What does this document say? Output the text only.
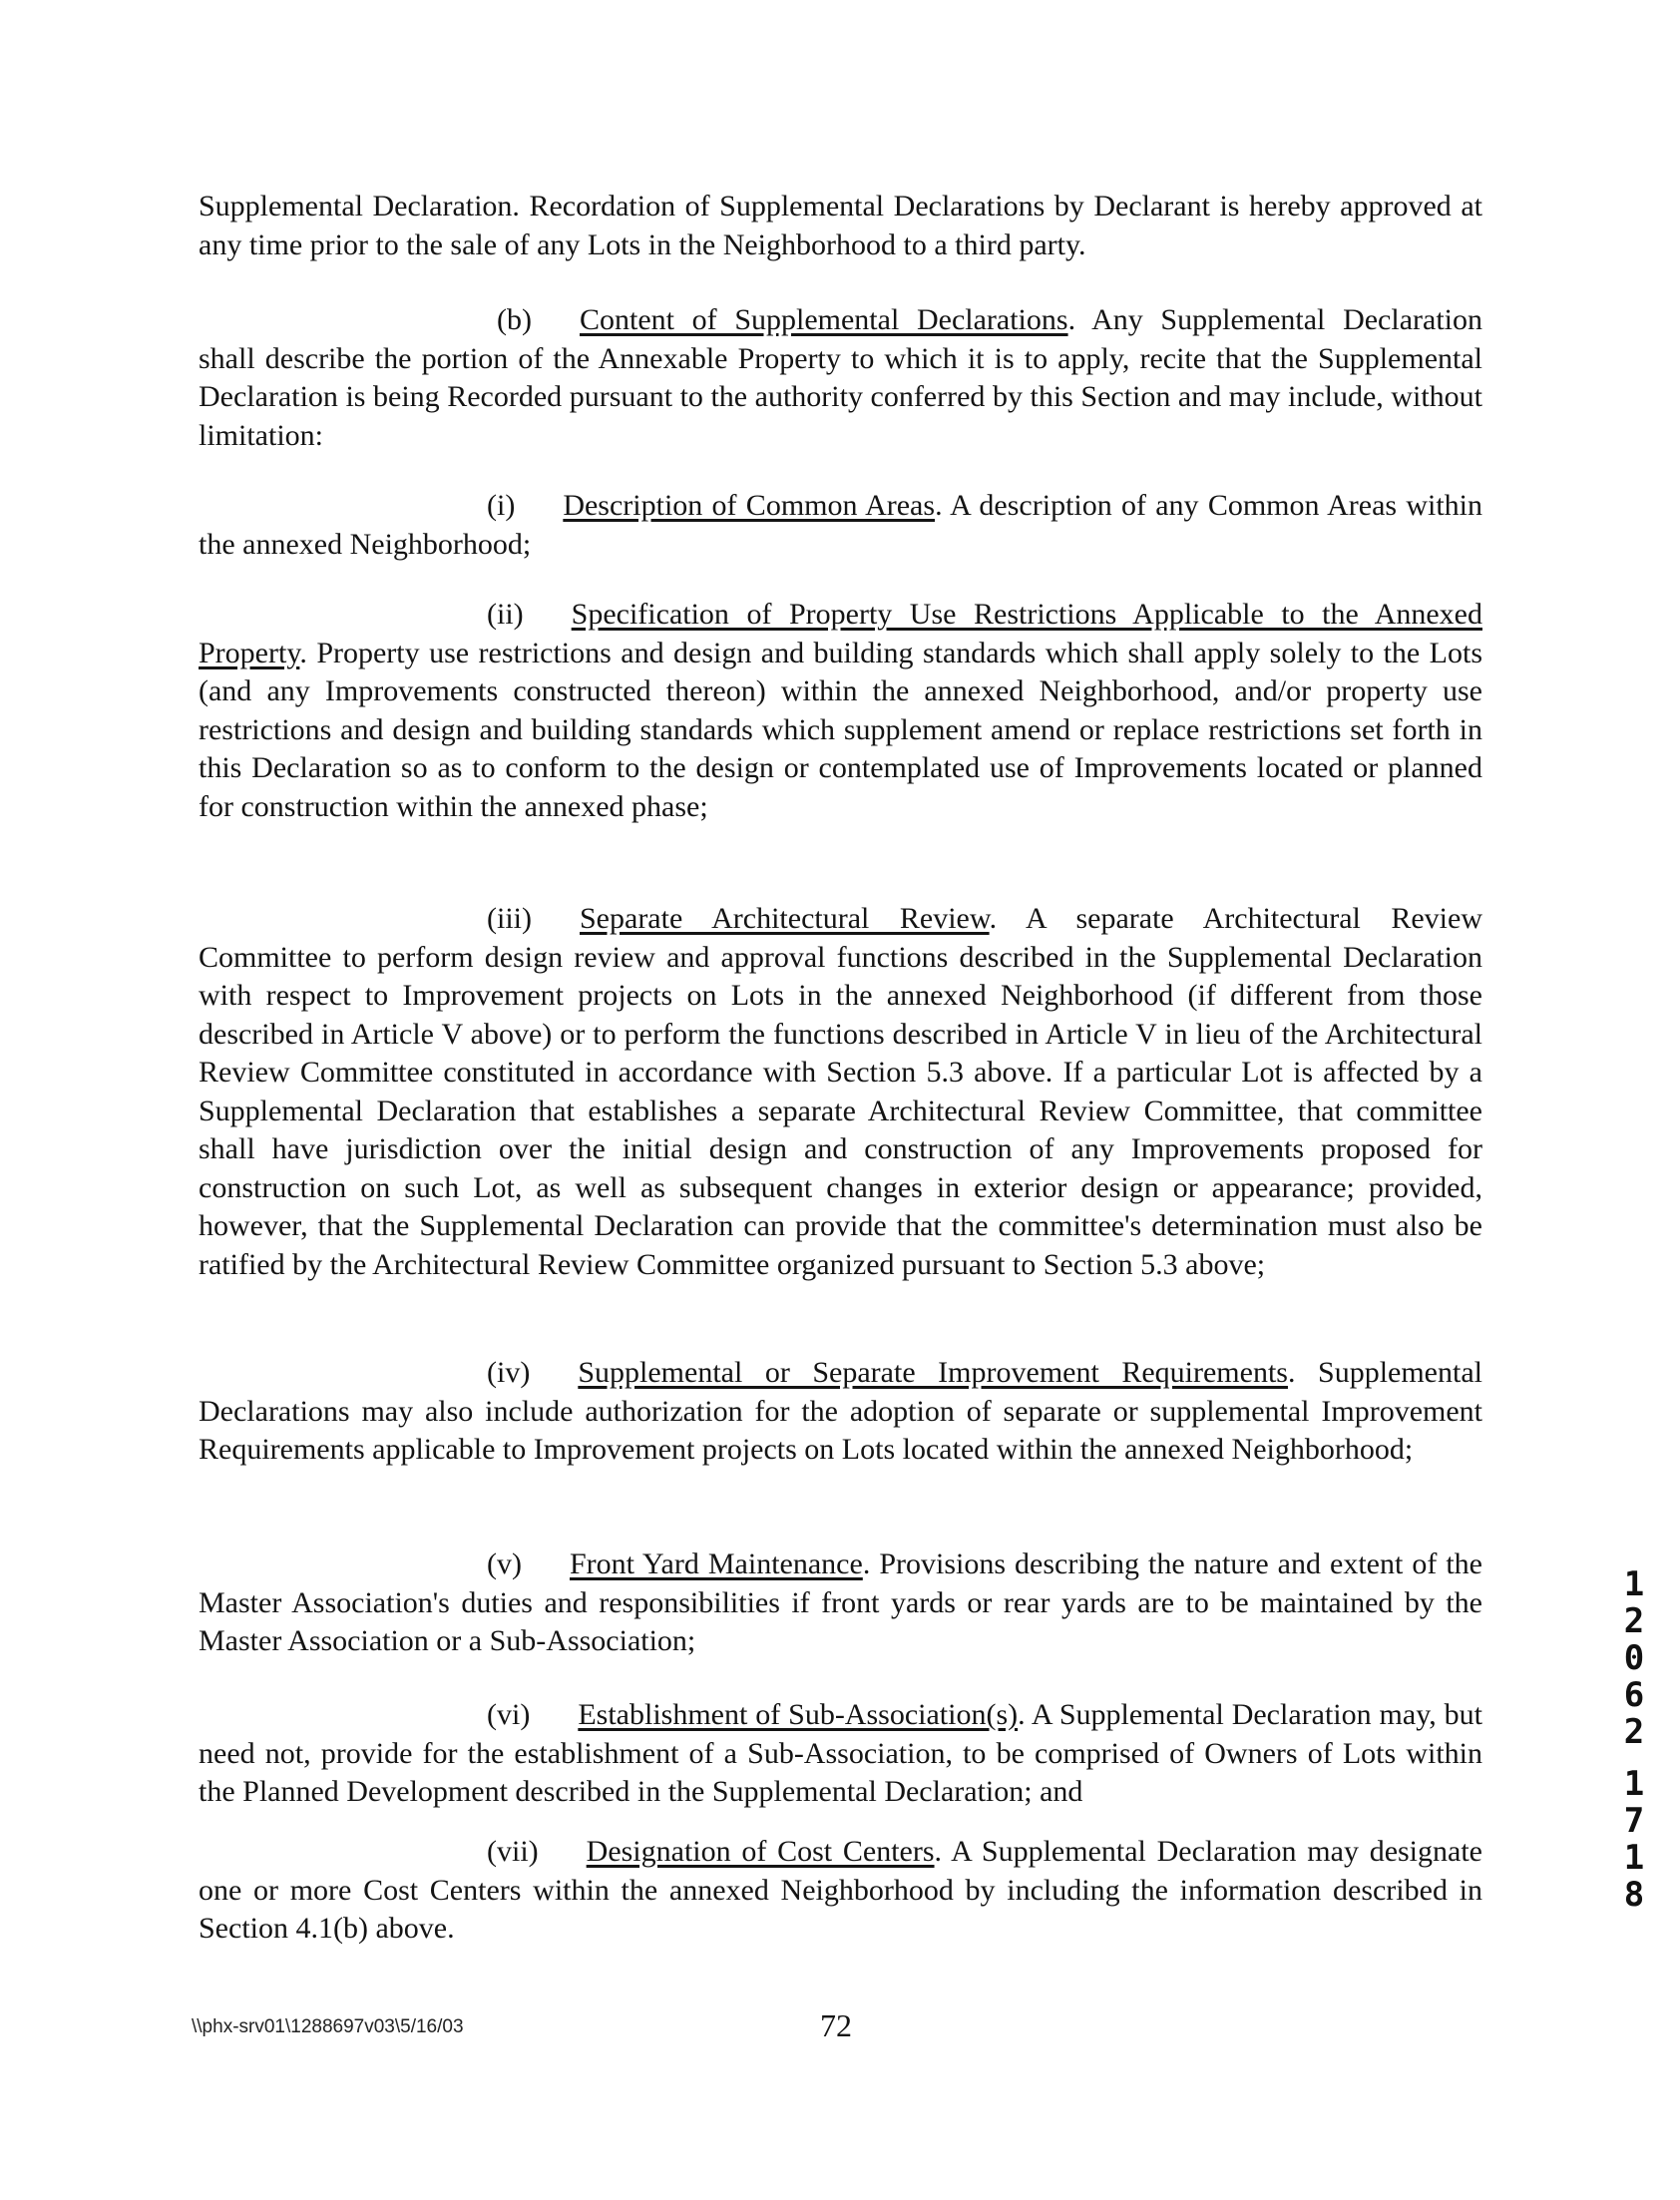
Supplemental Declaration. Recordation of Supplemental Declarations by Declarant is hereby approved at any time prior to the sale of any Lots in the Neighborhood to a third party.

(b) Content of Supplemental Declarations. Any Supplemental Declaration shall describe the portion of the Annexable Property to which it is to apply, recite that the Supplemental Declaration is being Recorded pursuant to the authority conferred by this Section and may include, without limitation:

(i) Description of Common Areas. A description of any Common Areas within the annexed Neighborhood;

(ii) Specification of Property Use Restrictions Applicable to the Annexed Property. Property use restrictions and design and building standards which shall apply solely to the Lots (and any Improvements constructed thereon) within the annexed Neighborhood, and/or property use restrictions and design and building standards which supplement amend or replace restrictions set forth in this Declaration so as to conform to the design or contemplated use of Improvements located or planned for construction within the annexed phase;

(iii) Separate Architectural Review. A separate Architectural Review Committee to perform design review and approval functions described in the Supplemental Declaration with respect to Improvement projects on Lots in the annexed Neighborhood (if different from those described in Article V above) or to perform the functions described in Article V in lieu of the Architectural Review Committee constituted in accordance with Section 5.3 above. If a particular Lot is affected by a Supplemental Declaration that establishes a separate Architectural Review Committee, that committee shall have jurisdiction over the initial design and construction of any Improvements proposed for construction on such Lot, as well as subsequent changes in exterior design or appearance; provided, however, that the Supplemental Declaration can provide that the committee's determination must also be ratified by the Architectural Review Committee organized pursuant to Section 5.3 above;

(iv) Supplemental or Separate Improvement Requirements. Supplemental Declarations may also include authorization for the adoption of separate or supplemental Improvement Requirements applicable to Improvement projects on Lots located within the annexed Neighborhood;

(v) Front Yard Maintenance. Provisions describing the nature and extent of the Master Association's duties and responsibilities if front yards or rear yards are to be maintained by the Master Association or a Sub-Association;

(vi) Establishment of Sub-Association(s). A Supplemental Declaration may, but need not, provide for the establishment of a Sub-Association, to be comprised of Owners of Lots within the Planned Development described in the Supplemental Declaration; and

(vii) Designation of Cost Centers. A Supplemental Declaration may designate one or more Cost Centers within the annexed Neighborhood by including the information described in Section 4.1(b) above.

\\phx-srv01\1288697v03\5/16/03	72
1
2
0
6
2
1
7
1
8
